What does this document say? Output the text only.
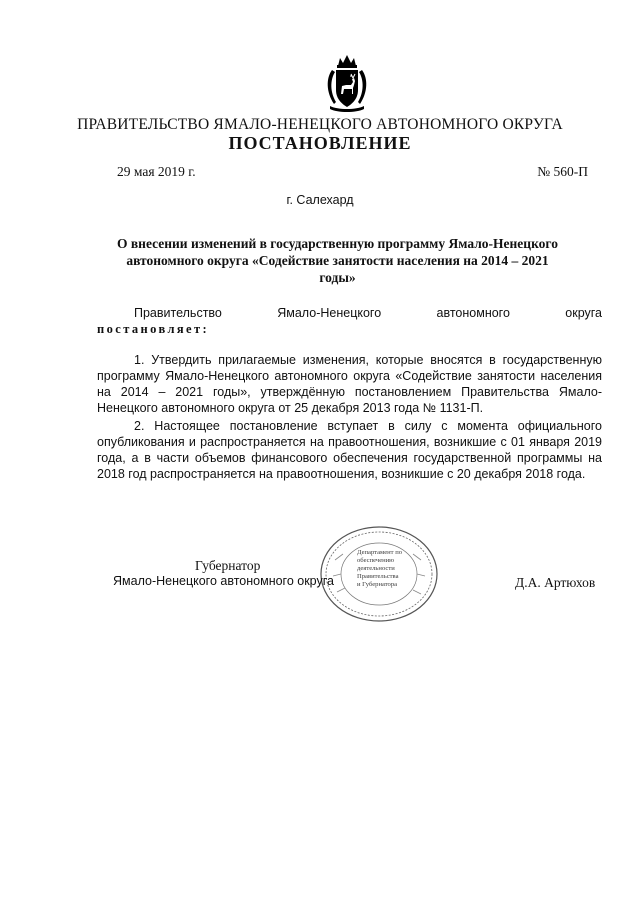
ПРАВИТЕЛЬСТВО ЯМАЛО-НЕНЕЦКОГО АВТОНОМНОГО ОКРУГА
ПОСТАНОВЛЕНИЕ
29 мая 2019 г.	№ 560-П
г. Салехард
О внесении изменений в государственную программу Ямало-Ненецкого автономного округа «Содействие занятости населения на 2014 – 2021 годы»
Правительство Ямало-Ненецкого автономного округа
постановляет:
1. Утвердить прилагаемые изменения, которые вносятся в государственную программу Ямало-Ненецкого автономного округа «Содействие занятости населения на 2014 – 2021 годы», утверждённую постановлением Правительства Ямало-Ненецкого автономного округа от 25 декабря 2013 года № 1131-П.
2. Настоящее постановление вступает в силу с момента официального опубликования и распространяется на правоотношения, возникшие с 01 января 2019 года, а в части объемов финансового обеспечения государственной программы на 2018 год распространяется на правоотношения, возникшие с 20 декабря 2018 года.
Департамент по
обеспечению
деятельности
Правительства
и Губернатора
Губернатор
Ямало-Ненецкого автономного округа	Д.А. Артюхов
